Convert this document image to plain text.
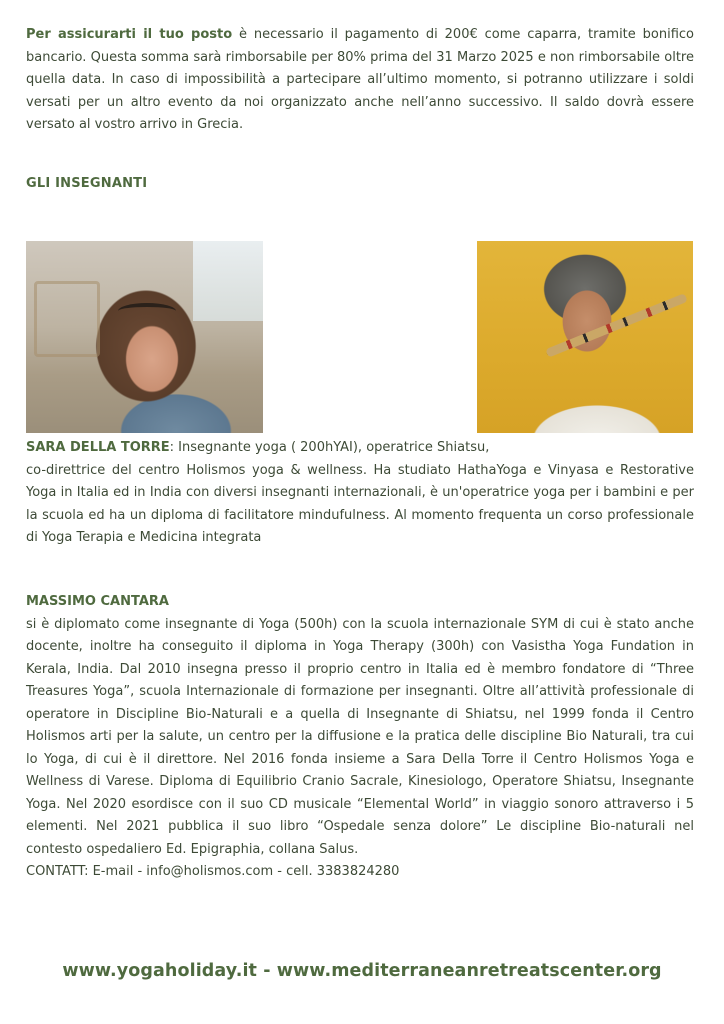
Per assicurarti il tuo posto è necessario il pagamento di 200€ come caparra, tramite bonifico bancario. Questa somma sarà rimborsabile per 80% prima del 31 Marzo 2025 e non rimborsabile oltre quella data. In caso di impossibilità a partecipare all’ultimo momento, si potranno utilizzare i soldi versati per un altro evento da noi organizzato anche nell’anno successivo. Il saldo dovrà essere versato al vostro arrivo in Grecia.

GLI INSEGNANTI

SARA DELLA TORRE: Insegnante yoga ( 200hYAI), operatrice Shiatsu,
co-direttrice del centro Holismos yoga & wellness. Ha studiato HathaYoga e Vinyasa e Restorative Yoga in Italia ed in India con diversi insegnanti internazionali, è un'operatrice yoga per i bambini e per la scuola ed ha un diploma di facilitatore mindufulness. Al momento frequenta un corso professionale di Yoga Terapia e Medicina integrata

MASSIMO CANTARA
si è diplomato come insegnante di Yoga (500h) con la scuola internazionale SYM di cui è stato anche docente, inoltre ha conseguito il diploma in Yoga Therapy (300h) con Vasistha Yoga Fundation in Kerala, India. Dal 2010 insegna presso il proprio centro in Italia ed è membro fondatore di “Three Treasures Yoga”, scuola Internazionale di formazione per insegnanti. Oltre all’attività professionale di operatore in Discipline Bio-Naturali e a quella di Insegnante di Shiatsu, nel 1999 fonda il Centro Holismos arti per la salute, un centro per la diffusione e la pratica delle discipline Bio Naturali, tra cui lo Yoga, di cui è il direttore. Nel 2016 fonda insieme a Sara Della Torre il Centro Holismos Yoga e Wellness di Varese. Diploma di Equilibrio Cranio Sacrale, Kinesiologo, Operatore Shiatsu, Insegnante Yoga. Nel 2020 esordisce con il suo CD musicale “Elemental World” in viaggio sonoro attraverso i 5 elementi. Nel 2021 pubblica il suo libro “Ospedale senza dolore” Le discipline Bio-naturali nel contesto ospedaliero Ed. Epigraphia, collana Salus.
CONTATT: E-mail - info@holismos.com - cell. 3383824280

www.yogaholiday.it - www.mediterraneanretreatscenter.org
